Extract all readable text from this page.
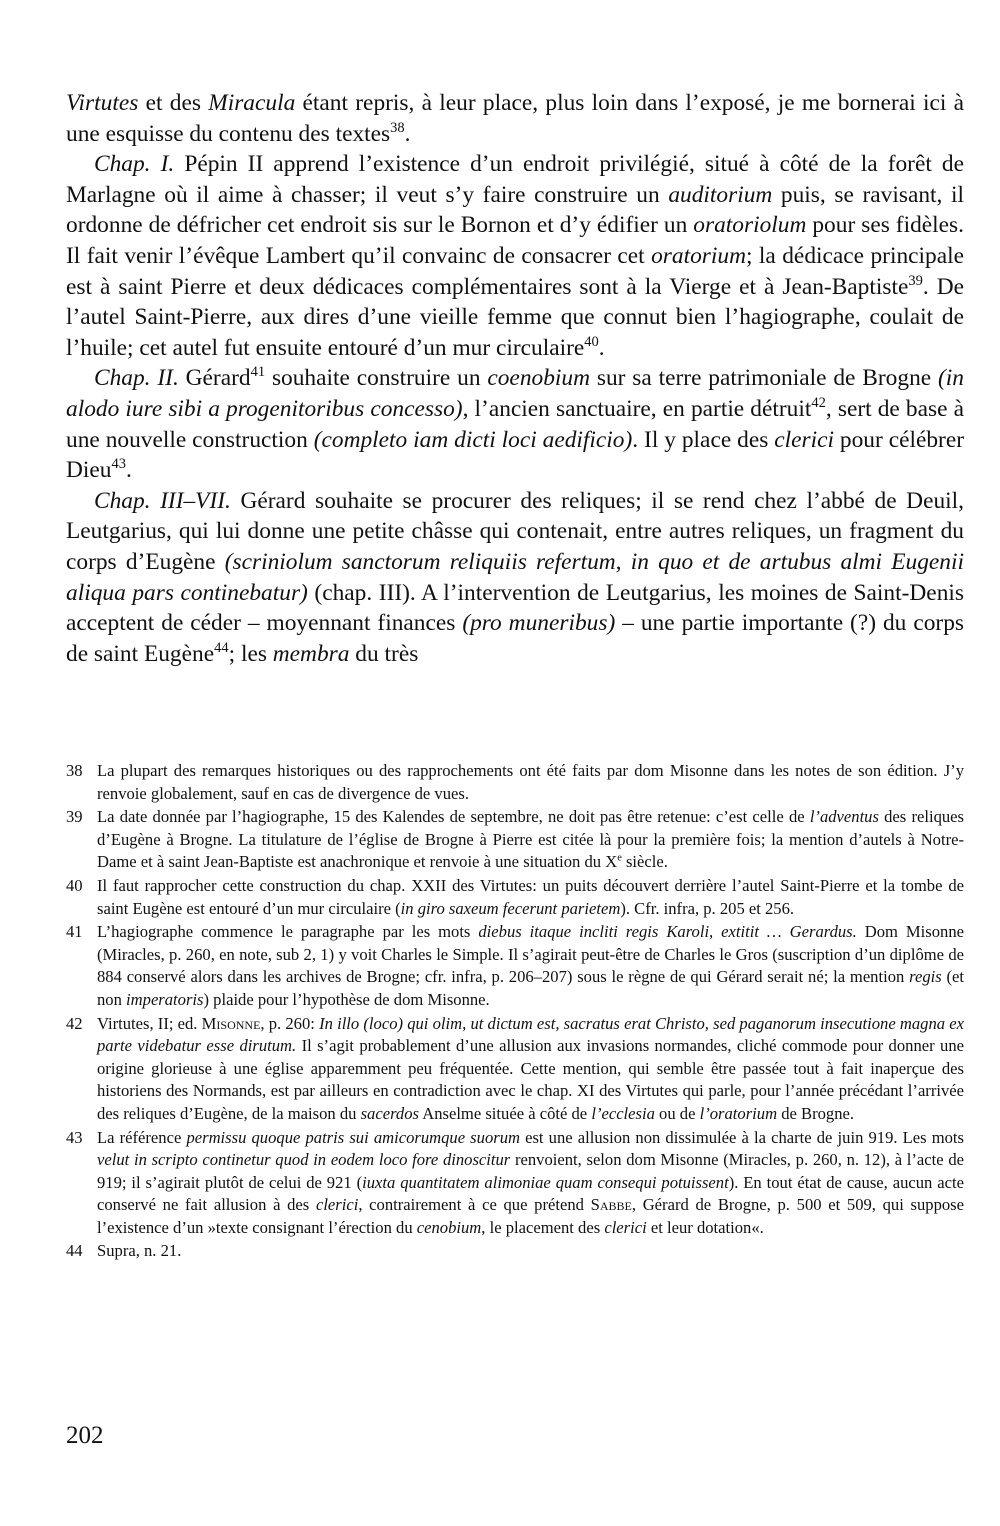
Virtutes et des Miracula étant repris, à leur place, plus loin dans l’exposé, je me bornerai ici à une esquisse du contenu des textes$^{38}$.

Chap. I. Pépin II apprend l’existence d’un endroit privilégié, situé à côté de la forêt de Marlagne où il aime à chasser; il veut s’y faire construire un auditorium puis, se ravisant, il ordonne de défricher cet endroit sis sur le Bornon et d’y édifier un oratoriolum pour ses fidèles. Il fait venir l’évêque Lambert qu’il convainc de consacrer cet oratorium; la dédicace principale est à saint Pierre et deux dédicaces complémentaires sont à la Vierge et à Jean-Baptiste$^{39}$. De l’autel Saint-Pierre, aux dires d’une vieille femme que connut bien l’hagiographe, coulait de l’huile; cet autel fut ensuite entouré d’un mur circulaire$^{40}$.

Chap. II. Gérard$^{41}$ souhaite construire un coenobium sur sa terre patrimoniale de Brogne (in alodo iure sibi a progenitoribus concesso), l’ancien sanctuaire, en partie détruit$^{42}$, sert de base à une nouvelle construction (completo iam dicti loci aedificio). Il y place des clerici pour célébrer Dieu$^{43}$.

Chap. III–VII. Gérard souhaite se procurer des reliques; il se rend chez l’abbé de Deuil, Leutgarius, qui lui donne une petite châsse qui contenait, entre autres reliques, un fragment du corps d’Eugène (scriniolum sanctorum reliquiis refertum, in quo et de artubus almi Eugenii aliqua pars continebatur) (chap. III). A l’intervention de Leutgarius, les moines de Saint-Denis acceptent de céder – moyennant finances (pro muneribus) – une partie importante (?) du corps de saint Eugène$^{44}$; les membra du très

38 La plupart des remarques historiques ou des rapprochements ont été faits par dom Misonne dans les notes de son édition. J’y renvoie globalement, sauf en cas de divergence de vues.
39 La date donnée par l’hagiographe, 15 des Kalendes de septembre, ne doit pas être retenue: c’est celle de l’adventus des reliques d’Eugène à Brogne. La titulature de l’église de Brogne à Pierre est citée là pour la première fois; la mention d’autels à Notre-Dame et à saint Jean-Baptiste est anachronique et renvoie à une situation du Xe siècle.
40 Il faut rapprocher cette construction du chap. XXII des Virtutes: un puits découvert derrière l’autel Saint-Pierre et la tombe de saint Eugène est entouré d’un mur circulaire (in giro saxeum fecerunt parietem). Cfr. infra, p. 205 et 256.
41 L’hagiographe commence le paragraphe par les mots diebus itaque incliti regis Karoli, extitit … Gerardus. Dom Misonne (Miracles, p. 260, en note, sub 2, 1) y voit Charles le Simple. Il s’agirait peut-être de Charles le Gros (suscription d’un diplôme de 884 conservé alors dans les archives de Brogne; cfr. infra, p. 206–207) sous le règne de qui Gérard serait né; la mention regis (et non imperatoris) plaide pour l’hypothèse de dom Misonne.
42 Virtutes, II; ed. Misonne, p. 260: In illo (loco) qui olim, ut dictum est, sacratus erat Christo, sed paganorum insecutione magna ex parte videbatur esse dirutum. Il s’agit probablement d’une allusion aux invasions normandes, cliché commode pour donner une origine glorieuse à une église apparemment peu fréquentée. Cette mention, qui semble être passée tout à fait inaperçue des historiens des Normands, est par ailleurs en contradiction avec le chap. XI des Virtutes qui parle, pour l’année précédant l’arrivée des reliques d’Eugène, de la maison du sacerdos Anselme située à côté de l’ecclesia ou de l’oratorium de Brogne.
43 La référence permissu quoque patris sui amicorumque suorum est une allusion non dissimulée à la charte de juin 919. Les mots velut in scripto continetur quod in eodem loco fore dinoscitur renvoient, selon dom Misonne (Miracles, p. 260, n. 12), à l’acte de 919; il s’agirait plutôt de celui de 921 (iuxta quantitatem alimoniae quam consequi potuissent). En tout état de cause, aucun acte conservé ne fait allusion à des clerici, contrairement à ce que prétend Sabbe, Gérard de Brogne, p. 500 et 509, qui suppose l’existence d’un »texte consignant l’érection du cenobium, le placement des clerici et leur dotation«.
44 Supra, n. 21.
202
